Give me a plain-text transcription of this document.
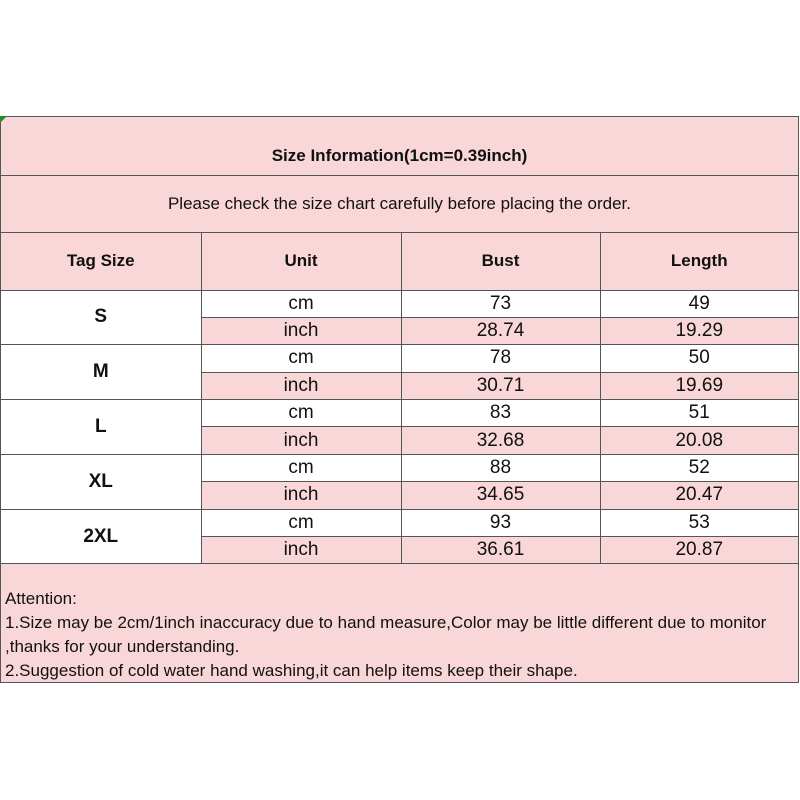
Size Information(1cm=0.39inch)
Please check the size chart carefully before placing the order.
Tag Size	Unit	Bust	Length
S	cm	73	49
	inch	28.74	19.29
M	cm	78	50
	inch	30.71	19.69
L	cm	83	51
	inch	32.68	20.08
XL	cm	88	52
	inch	34.65	20.47
2XL	cm	93	53
	inch	36.61	20.87
Attention:
1.Size may be 2cm/1inch inaccuracy due to hand measure,Color may be little different due to monitor ,thanks for your understanding.
2.Suggestion of cold water hand washing,it can help items keep their shape.
